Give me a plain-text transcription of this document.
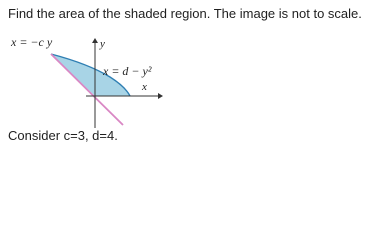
Find the area of the shaded region. The image is not to scale.
x = −c y	y
x = d − y²
x
Consider c=3, d=4.
